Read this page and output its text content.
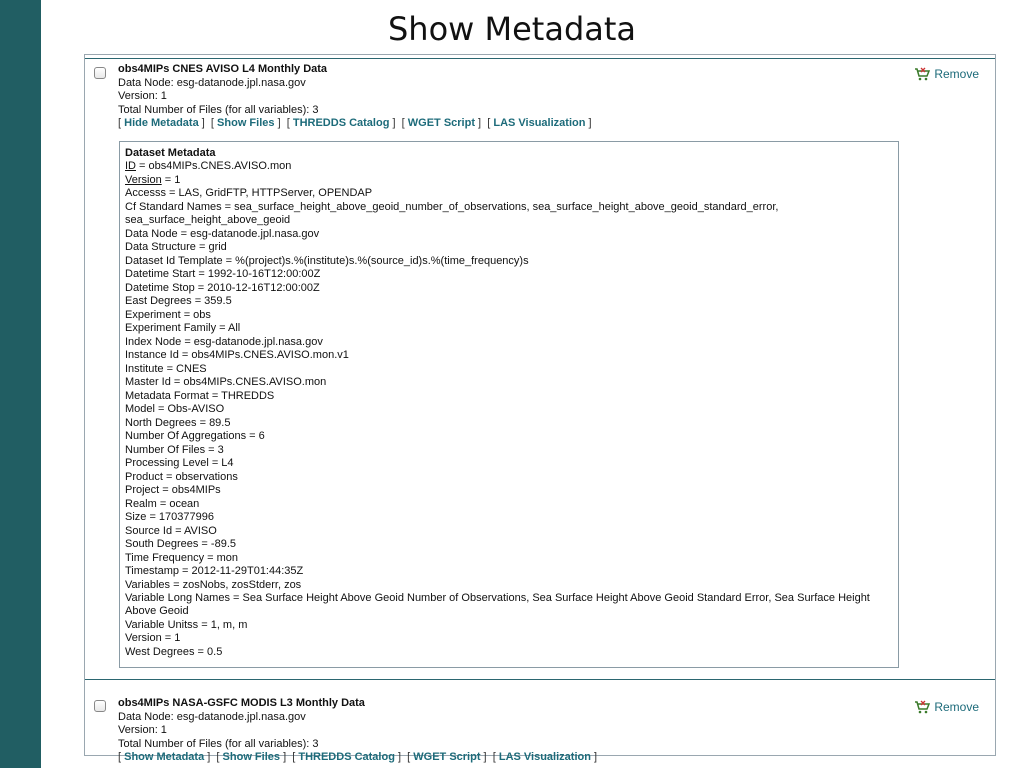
Show Metadata
obs4MIPs CNES AVISO L4 Monthly Data
Data Node: esg-datanode.jpl.nasa.gov
Version: 1
Total Number of Files (for all variables): 3
[ Hide Metadata ]  [ Show Files ]  [ THREDDS Catalog ]  [ WGET Script ]  [ LAS Visualization ]
Remove
Dataset Metadata
ID = obs4MIPs.CNES.AVISO.mon
Version = 1
Accesss = LAS, GridFTP, HTTPServer, OPENDAP
Cf Standard Names = sea_surface_height_above_geoid_number_of_observations, sea_surface_height_above_geoid_standard_error, sea_surface_height_above_geoid
Data Node = esg-datanode.jpl.nasa.gov
Data Structure = grid
Dataset Id Template = %(project)s.%(institute)s.%(source_id)s.%(time_frequency)s
Datetime Start = 1992-10-16T12:00:00Z
Datetime Stop = 2010-12-16T12:00:00Z
East Degrees = 359.5
Experiment = obs
Experiment Family = All
Index Node = esg-datanode.jpl.nasa.gov
Instance Id = obs4MIPs.CNES.AVISO.mon.v1
Institute = CNES
Master Id = obs4MIPs.CNES.AVISO.mon
Metadata Format = THREDDS
Model = Obs-AVISO
North Degrees = 89.5
Number Of Aggregations = 6
Number Of Files = 3
Processing Level = L4
Product = observations
Project = obs4MIPs
Realm = ocean
Size = 170377996
Source Id = AVISO
South Degrees = -89.5
Time Frequency = mon
Timestamp = 2012-11-29T01:44:35Z
Variables = zosNobs, zosStderr, zos
Variable Long Names = Sea Surface Height Above Geoid Number of Observations, Sea Surface Height Above Geoid Standard Error, Sea Surface Height Above Geoid
Variable Unitss = 1, m, m
Version = 1
West Degrees = 0.5
obs4MIPs NASA-GSFC MODIS L3 Monthly Data
Data Node: esg-datanode.jpl.nasa.gov
Version: 1
Total Number of Files (for all variables): 3
[ Show Metadata ]  [ Show Files ]  [ THREDDS Catalog ]  [ WGET Script ]  [ LAS Visualization ]
Remove
